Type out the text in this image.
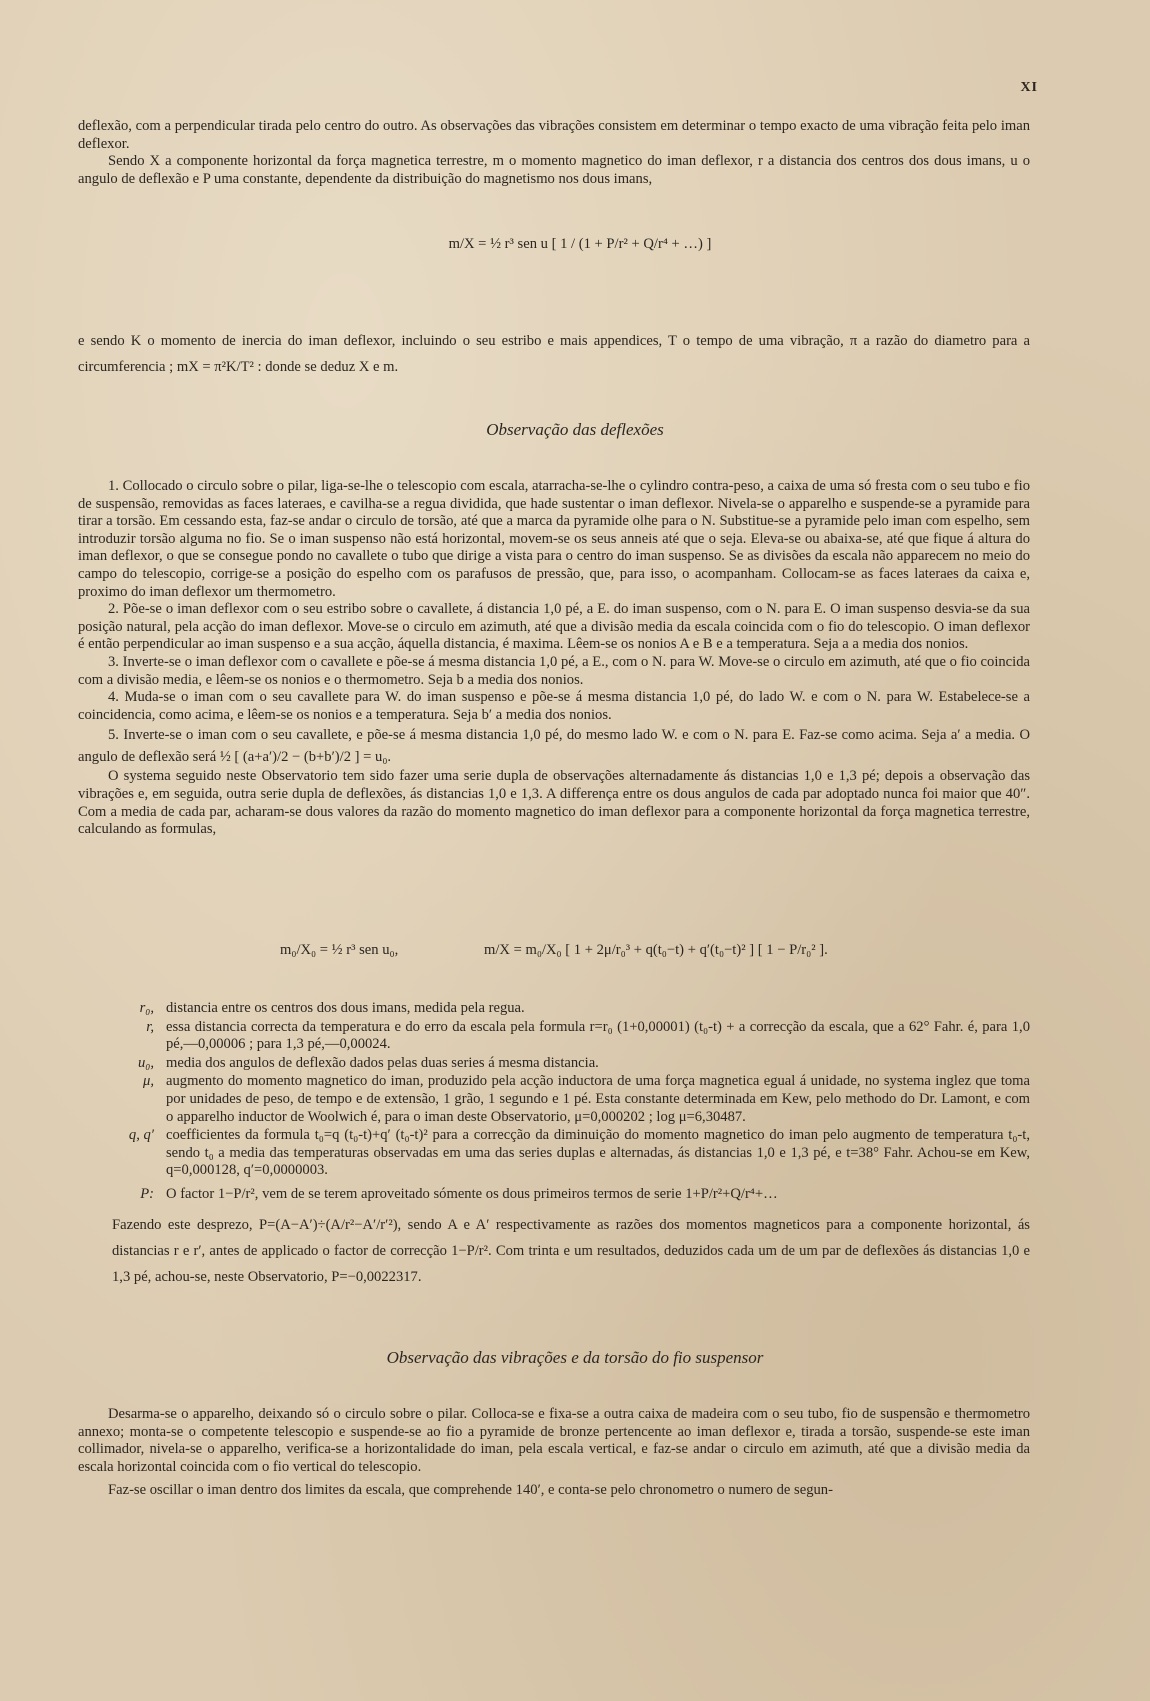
XI

deflexão, com a perpendicular tirada pelo centro do outro. As observações das vibrações consistem em determinar o tempo exacto de uma vibração feita pelo iman deflexor.

Sendo X a componente horizontal da força magnetica terrestre, m o momento magnetico do iman deflexor, r a distancia dos centros dos dous imans, u o angulo de deflexão e P uma constante, dependente da distribuição do magnetismo nos dous imans,

m/X = ½ r³ sen u [ 1 / (1 + P/r² + Q/r⁴ + …) ]

e sendo K o momento de inercia do iman deflexor, incluindo o seu estribo e mais appendices, T o tempo de uma vibração, π a razão do diametro para a circumferencia ; mX = π²K/T² : donde se deduz X e m.

Observação das deflexões

1. Collocado o circulo sobre o pilar, liga-se-lhe o telescopio com escala, atarracha-se-lhe o cylindro contra-peso, a caixa de uma só fresta com o seu tubo e fio de suspensão, removidas as faces lateraes, e cavilha-se a regua dividida, que hade sustentar o iman deflexor. Nivela-se o apparelho e suspende-se a pyramide para tirar a torsão. Em cessando esta, faz-se andar o circulo de torsão, até que a marca da pyramide olhe para o N. Substitue-se a pyramide pelo iman com espelho, sem introduzir torsão alguma no fio. Se o iman suspenso não está horizontal, movem-se os seus anneis até que o seja. Eleva-se ou abaixa-se, até que fique á altura do iman deflexor, o que se consegue pondo no cavallete o tubo que dirige a vista para o centro do iman suspenso. Se as divisões da escala não apparecem no meio do campo do telescopio, corrige-se a posição do espelho com os parafusos de pressão, que, para isso, o acompanham. Collocam-se as faces lateraes da caixa e, proximo do iman deflexor um thermometro.

2. Põe-se o iman deflexor com o seu estribo sobre o cavallete, á distancia 1,0 pé, a E. do iman suspenso, com o N. para E. O iman suspenso desvia-se da sua posição natural, pela acção do iman deflexor. Move-se o circulo em azimuth, até que a divisão media da escala coincida com o fio do telescopio. O iman deflexor é então perpendicular ao iman suspenso e a sua acção, áquella distancia, é maxima. Lêem-se os nonios A e B e a temperatura. Seja a a media dos nonios.

3. Inverte-se o iman deflexor com o cavallete e põe-se á mesma distancia 1,0 pé, a E., com o N. para W. Move-se o circulo em azimuth, até que o fio coincida com a divisão media, e lêem-se os nonios e o thermometro. Seja b a media dos nonios.

4. Muda-se o iman com o seu cavallete para W. do iman suspenso e põe-se á mesma distancia 1,0 pé, do lado W. e com o N. para W. Estabelece-se a coincidencia, como acima, e lêem-se os nonios e a temperatura. Seja b′ a media dos nonios.

5. Inverte-se o iman com o seu cavallete, e põe-se á mesma distancia 1,0 pé, do mesmo lado W. e com o N. para E. Faz-se como acima. Seja a′ a media. O angulo de deflexão será ½ [ (a+a′)/2 − (b+b′)/2 ] = u₀.

O systema seguido neste Observatorio tem sido fazer uma serie dupla de observações alternadamente ás distancias 1,0 e 1,3 pé; depois a observação das vibrações e, em seguida, outra serie dupla de deflexões, ás distancias 1,0 e 1,3. A differença entre os dous angulos de cada par adoptado nunca foi maior que 40″. Com a media de cada par, acharam-se dous valores da razão do momento magnetico do iman deflexor para a componente horizontal da força magnetica terrestre, calculando as formulas,

m₀/X₀ = ½ r³ sen u₀,	m/X = m₀/X₀ [ 1 + 2μ/r₀³ + q(t₀−t) + q′(t₀−t)² ] [ 1 − P/r₀² ].
r₀, distancia entre os centros dos dous imans, medida pela regua.
r, essa distancia correcta da temperatura e do erro da escala pela formula r=r₀ (1+0,00001) (t₀-t) + a correcção da escala, que a 62° Fahr. é, para 1,0 pé,—0,00006 ; para 1,3 pé,—0,00024.
u₀, media dos angulos de deflexão dados pelas duas series á mesma distancia.
μ, augmento do momento magnetico do iman, produzido pela acção inductora de uma força magnetica egual á unidade, no systema inglez que toma por unidades de peso, de tempo e de extensão, 1 grão, 1 segundo e 1 pé. Esta constante determinada em Kew, pelo methodo do Dr. Lamont, e com o apparelho inductor de Woolwich é, para o iman deste Observatorio, μ=0,000202 ; log μ=6,30487.
q, q′ coefficientes da formula t₀=q (t₀-t)+q′ (t₀-t)² para a correcção da diminuição do momento magnetico do iman pelo augmento de temperatura t₀-t, sendo t₀ a media das temperaturas observadas em uma das series duplas e alternadas, ás distancias 1,0 e 1,3 pé, e t=38° Fahr. Achou-se em Kew, q=0,000128, q′=0,0000003.
P: O factor 1−P/r², vem de se terem aproveitado sómente os dous primeiros termos de serie 1+P/r²+Q/r⁴+…

Fazendo este desprezo, P=(A−A′)÷(A/r²−A′/r′²), sendo A e A′ respectivamente as razões dos momentos magneticos para a componente horizontal, ás distancias r e r′, antes de applicado o factor de correcção 1−P/r². Com trinta e um resultados, deduzidos cada um de um par de deflexões ás distancias 1,0 e 1,3 pé, achou-se, neste Observatorio, P=−0,0022317.

Observação das vibrações e da torsão do fio suspensor

Desarma-se o apparelho, deixando só o circulo sobre o pilar. Colloca-se e fixa-se a outra caixa de madeira com o seu tubo, fio de suspensão e thermometro annexo; monta-se o competente telescopio e suspende-se ao fio a pyramide de bronze pertencente ao iman deflexor e, tirada a torsão, suspende-se este iman collimador, nivela-se o apparelho, verifica-se a horizontalidade do iman, pela escala vertical, e faz-se andar o circulo em azimuth, até que a divisão media da escala horizontal coincida com o fio vertical do telescopio.

Faz-se oscillar o iman dentro dos limites da escala, que comprehende 140′, e conta-se pelo chronometro o numero de segun-
